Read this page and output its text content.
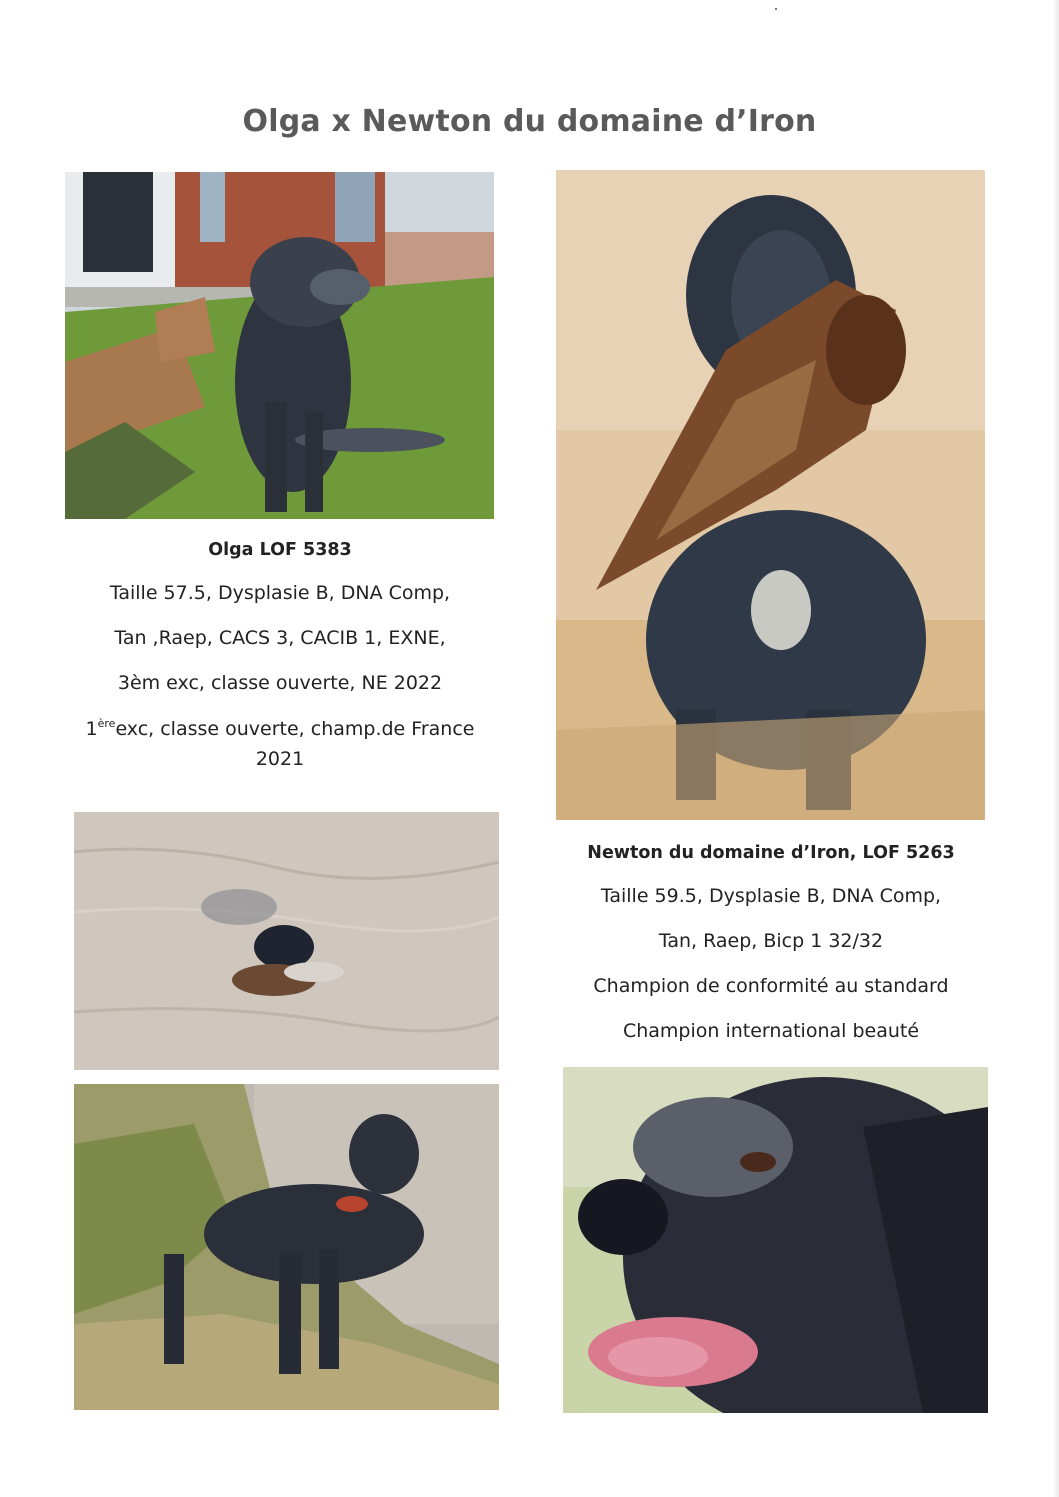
Olga x Newton du domaine d’Iron
Olga LOF 5383
Taille 57.5, Dysplasie B, DNA Comp,
Tan ,Raep, CACS 3, CACIB 1, EXNE,
3èm exc, classe ouverte, NE 2022
1èreexc, classe ouverte, champ.de France
2021
Newton du domaine d’Iron, LOF 5263
Taille 59.5, Dysplasie B, DNA Comp,
Tan, Raep, Bicp 1 32/32
Champion de conformité au standard
Champion international beauté
